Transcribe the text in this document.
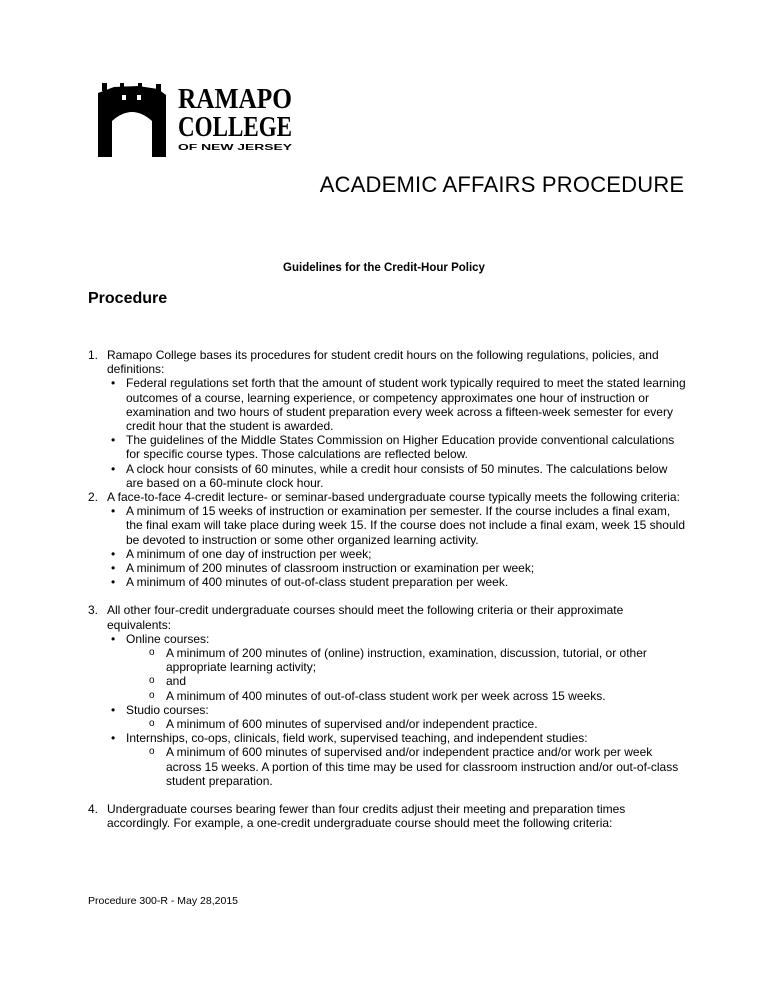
RAMAPO
COLLEGE
OF NEW JERSEY
ACADEMIC AFFAIRS PROCEDURE
Guidelines for the Credit-Hour Policy
Procedure
1. Ramapo College bases its procedures for student credit hours on the following regulations, policies, and definitions:
• Federal regulations set forth that the amount of student work typically required to meet the stated learning outcomes of a course, learning experience, or competency approximates one hour of instruction or examination and two hours of student preparation every week across a fifteen-week semester for every credit hour that the student is awarded.
• The guidelines of the Middle States Commission on Higher Education provide conventional calculations for specific course types. Those calculations are reflected below.
• A clock hour consists of 60 minutes, while a credit hour consists of 50 minutes. The calculations below are based on a 60-minute clock hour.
2. A face-to-face 4-credit lecture- or seminar-based undergraduate course typically meets the following criteria:
• A minimum of 15 weeks of instruction or examination per semester. If the course includes a final exam, the final exam will take place during week 15. If the course does not include a final exam, week 15 should be devoted to instruction or some other organized learning activity.
• A minimum of one day of instruction per week;
• A minimum of 200 minutes of classroom instruction or examination per week;
• A minimum of 400 minutes of out-of-class student preparation per week.
3. All other four-credit undergraduate courses should meet the following criteria or their approximate equivalents:
• Online courses:
o A minimum of 200 minutes of (online) instruction, examination, discussion, tutorial, or other appropriate learning activity;
o and
o A minimum of 400 minutes of out-of-class student work per week across 15 weeks.
• Studio courses:
o A minimum of 600 minutes of supervised and/or independent practice.
• Internships, co-ops, clinicals, field work, supervised teaching, and independent studies:
o A minimum of 600 minutes of supervised and/or independent practice and/or work per week across 15 weeks. A portion of this time may be used for classroom instruction and/or out-of-class student preparation.
4. Undergraduate courses bearing fewer than four credits adjust their meeting and preparation times accordingly. For example, a one-credit undergraduate course should meet the following criteria:
Procedure 300-R - May 28,2015
